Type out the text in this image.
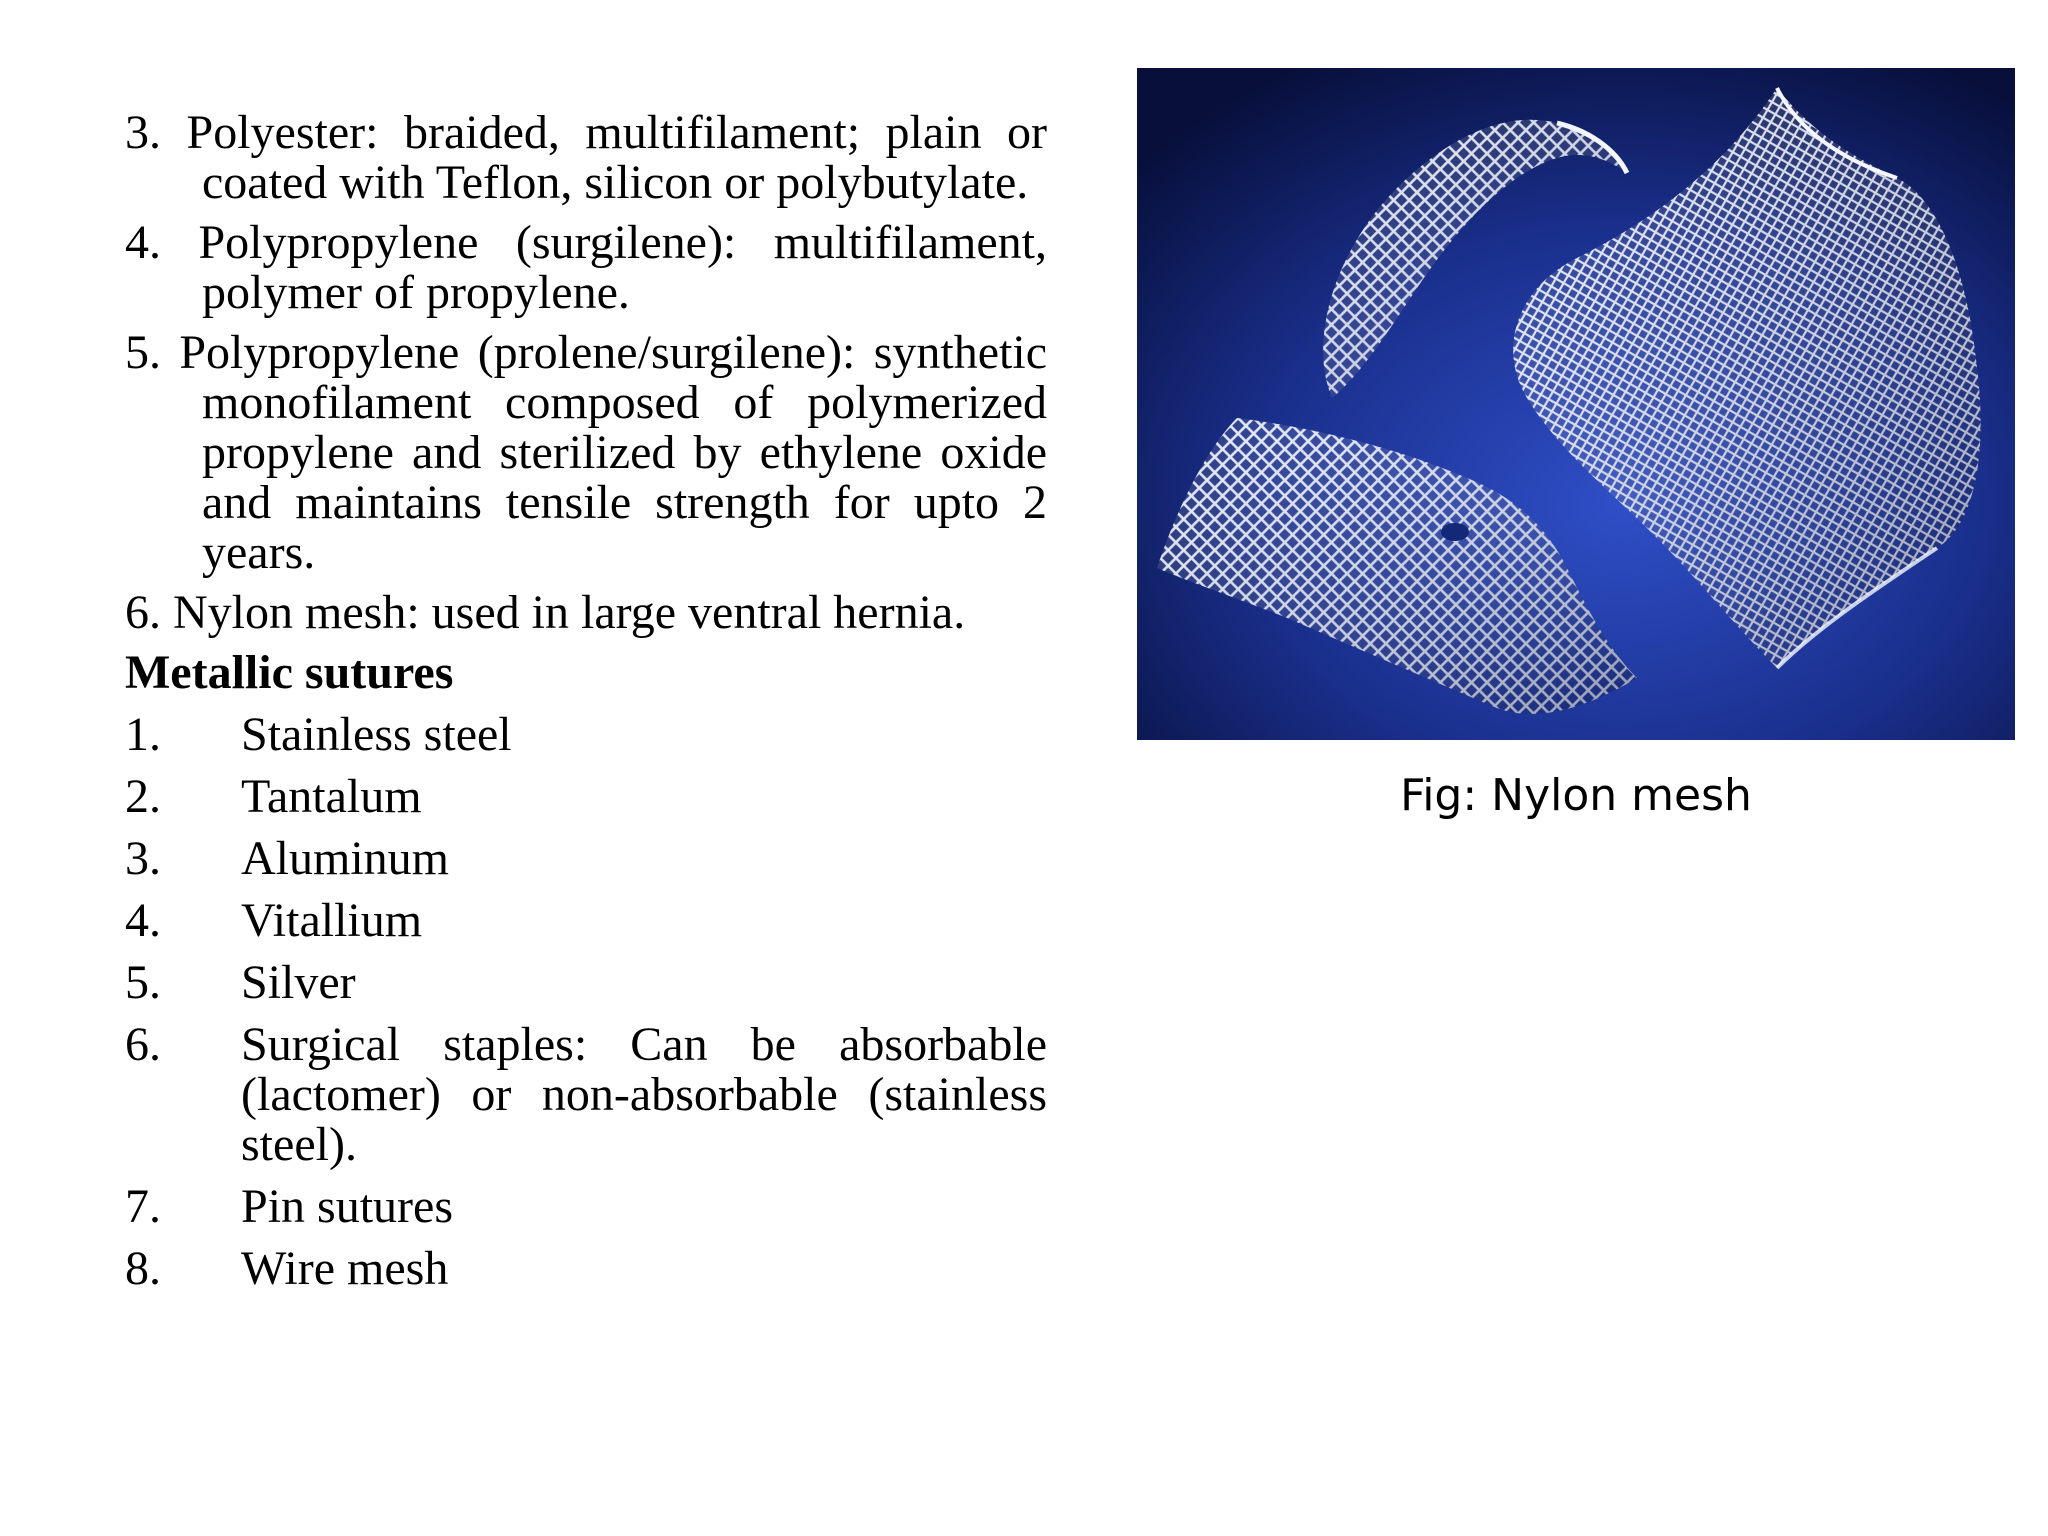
3. Polyester: braided, multifilament; plain or coated with Teflon, silicon or polybutylate.
4. Polypropylene (surgilene): multifilament, polymer of propylene.
5. Polypropylene (prolene/surgilene): synthetic monofilament composed of polymerized propylene and sterilized by ethylene oxide and maintains tensile strength for upto 2 years.
6. Nylon mesh: used in large ventral hernia.
Metallic sutures
1.	Stainless steel
2.	Tantalum
3.	Aluminum
4.	Vitallium
5.	Silver
6.	Surgical staples: Can be absorbable (lactomer) or non-absorbable (stainless steel).
7.	Pin sutures
8.	Wire mesh
Fig: Nylon mesh
